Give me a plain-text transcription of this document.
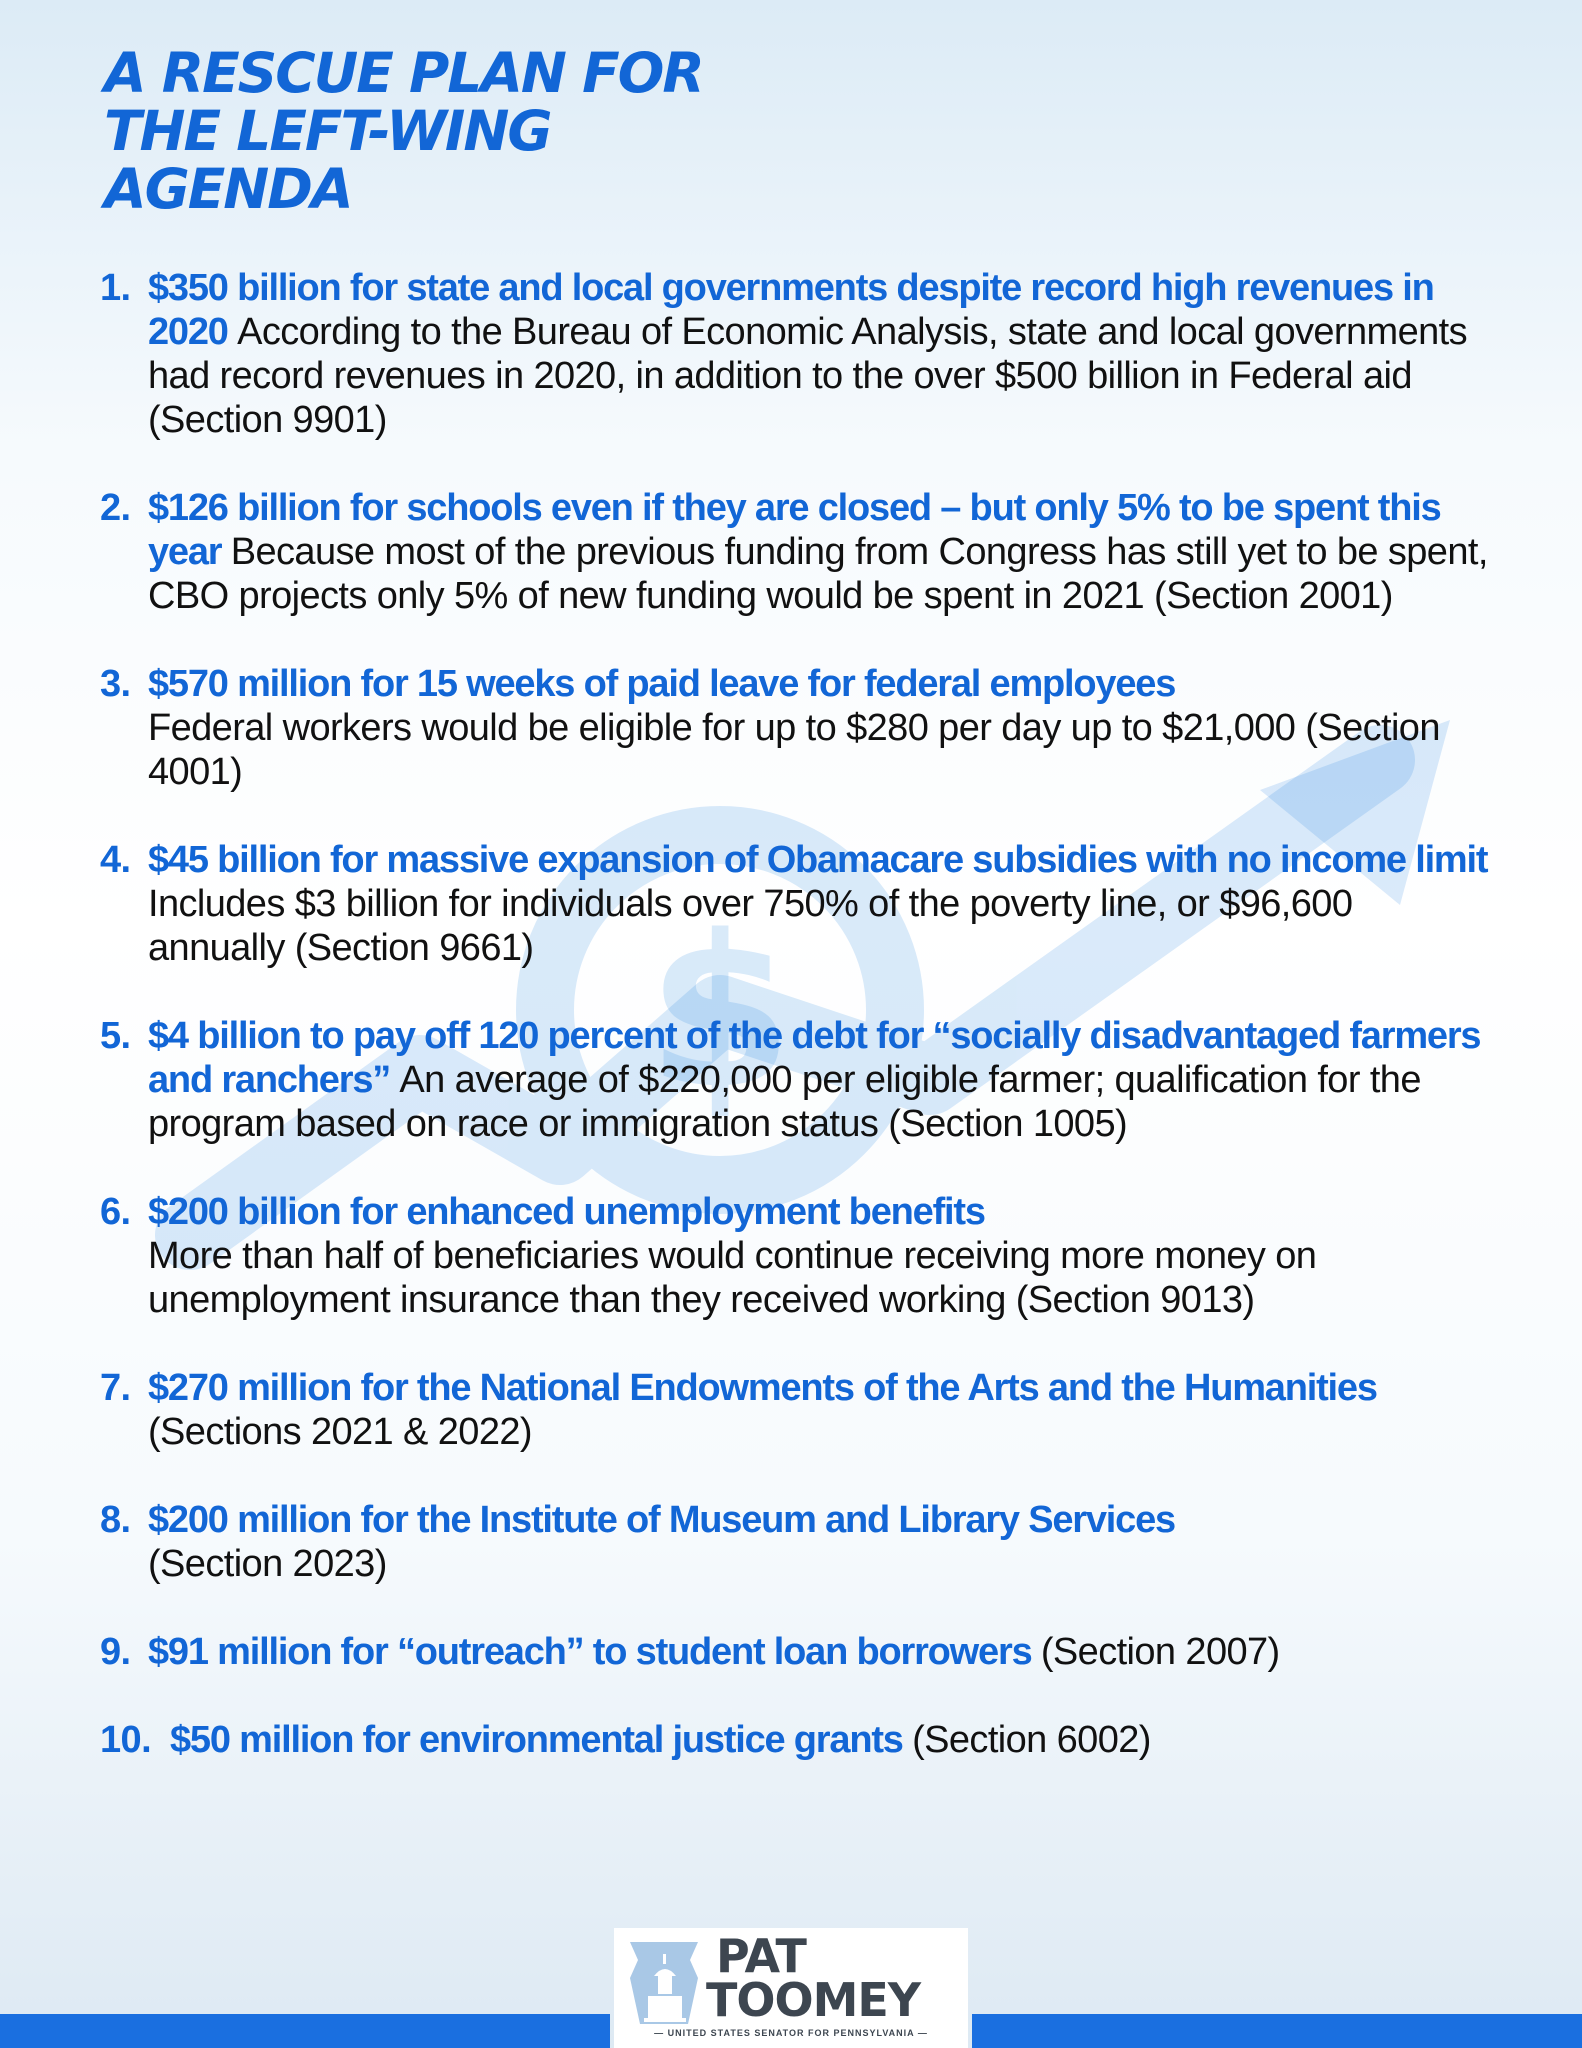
$
A RESCUE PLAN FOR
THE LEFT-WING
AGENDA
1. $350 billion for state and local governments despite record high revenues in 2020 According to the Bureau of Economic Analysis, state and local governments had record revenues in 2020, in addition to the over $500 billion in Federal aid (Section 9901)
2. $126 billion for schools even if they are closed – but only 5% to be spent this year Because most of the previous funding from Congress has still yet to be spent, CBO projects only 5% of new funding would be spent in 2021 (Section 2001)
3. $570 million for 15 weeks of paid leave for federal employees
Federal workers would be eligible for up to $280 per day up to $21,000 (Section 4001)
4. $45 billion for massive expansion of Obamacare subsidies with no income limit Includes $3 billion for individuals over 750% of the poverty line, or $96,600 annually (Section 9661)
5. $4 billion to pay off 120 percent of the debt for “socially disadvantaged farmers and ranchers” An average of $220,000 per eligible farmer; qualification for the program based on race or immigration status (Section 1005)
6. $200 billion for enhanced unemployment benefits
More than half of beneficiaries would continue receiving more money on unemployment insurance than they received working (Section 9013)
7. $270 million for the National Endowments of the Arts and the Humanities (Sections 2021 & 2022)
8. $200 million for the Institute of Museum and Library Services
(Section 2023)
9. $91 million for “outreach” to student loan borrowers (Section 2007)
10. $50 million for environmental justice grants (Section 6002)
PAT
TOOMEY
— UNITED STATES SENATOR FOR PENNSYLVANIA —
